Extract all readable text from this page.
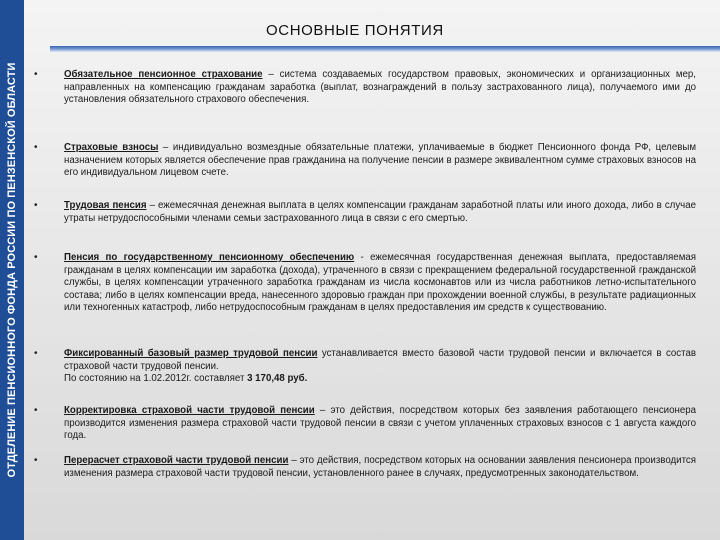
ОТДЕЛЕНИЕ ПЕНСИОННОГО ФОНДА РОССИИ ПО ПЕНЗЕНСКОЙ ОБЛАСТИ
ОСНОВНЫЕ ПОНЯТИЯ
•	Обязательное пенсионное страхование – система создаваемых государством правовых, экономических и организационных мер, направленных на компенсацию гражданам заработка (выплат, вознаграждений в пользу застрахованного лица), получаемого ими до установления обязательного страхового обеспечения.
•	Страховые взносы – индивидуально возмездные обязательные платежи, уплачиваемые в бюджет Пенсионного фонда РФ, целевым назначением которых является обеспечение прав гражданина на получение пенсии в размере эквивалентном сумме страховых взносов на его индивидуальном лицевом счете.
•	Трудовая пенсия – ежемесячная денежная выплата в целях компенсации гражданам заработной платы или иного дохода, либо в случае утраты нетрудоспособными членами семьи застрахованного лица в связи с его смертью.
•	Пенсия по государственному пенсионному обеспечению - ежемесячная государственная денежная выплата, предоставляемая гражданам в целях компенсации им заработка (дохода), утраченного в связи с прекращением федеральной государственной гражданской службы, в целях компенсации утраченного заработка гражданам из числа космонавтов или из числа работников летно-испытательного состава; либо в целях компенсации вреда, нанесенного здоровью граждан при прохождении военной службы, в результате радиационных или техногенных катастроф, либо нетрудоспособным гражданам в целях предоставления им средств к существованию.
•	Фиксированный базовый размер трудовой пенсии устанавливается вместо базовой части трудовой пенсии и включается в состав страховой части трудовой пенсии.
По состоянию на 1.02.2012г. составляет 3 170,48 руб.
•	Корректировка страховой части трудовой пенсии – это действия, посредством которых без заявления работающего пенсионера производится изменения размера страховой части трудовой пенсии в связи с учетом уплаченных страховых взносов с 1 августа каждого года.
•	Перерасчет страховой части трудовой пенсии – это действия, посредством которых на основании заявления пенсионера производится изменения размера страховой части трудовой пенсии, установленного ранее в случаях, предусмотренных законодательством.
